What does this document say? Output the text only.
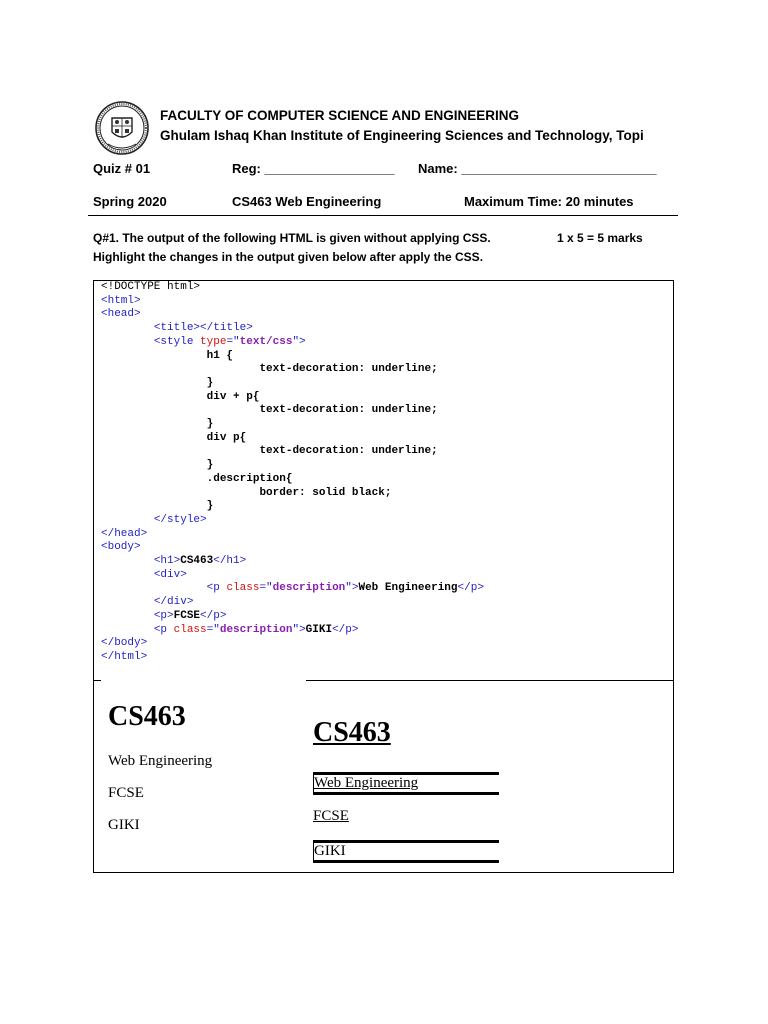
FACULTY OF COMPUTER SCIENCE AND ENGINEERING
Ghulam Ishaq Khan Institute of Engineering Sciences and Technology, Topi
Quiz # 01	Reg: __________________ Name: ___________________________
Spring 2020	CS463 Web Engineering	Maximum Time: 20 minutes
Q#1. The output of the following HTML is given without applying CSS.	1 x 5 = 5 marks
Highlight the changes in the output given below after apply the CSS.
<!DOCTYPE html>
<html>
<head>
<title></title>
<style type="text/css">
h1 {
text-decoration: underline;
}
div + p{
text-decoration: underline;
}
div p{
text-decoration: underline;
}
.description{
border: solid black;
}
</style>
</head>
<body>
<h1>CS463</h1>
<div>
<p class="description">Web Engineering</p>
</div>
<p>FCSE</p>
<p class="description">GIKI</p>
</body>
</html>
CS463
Web Engineering
FCSE
GIKI
CS463
Web Engineering
FCSE
GIKI
